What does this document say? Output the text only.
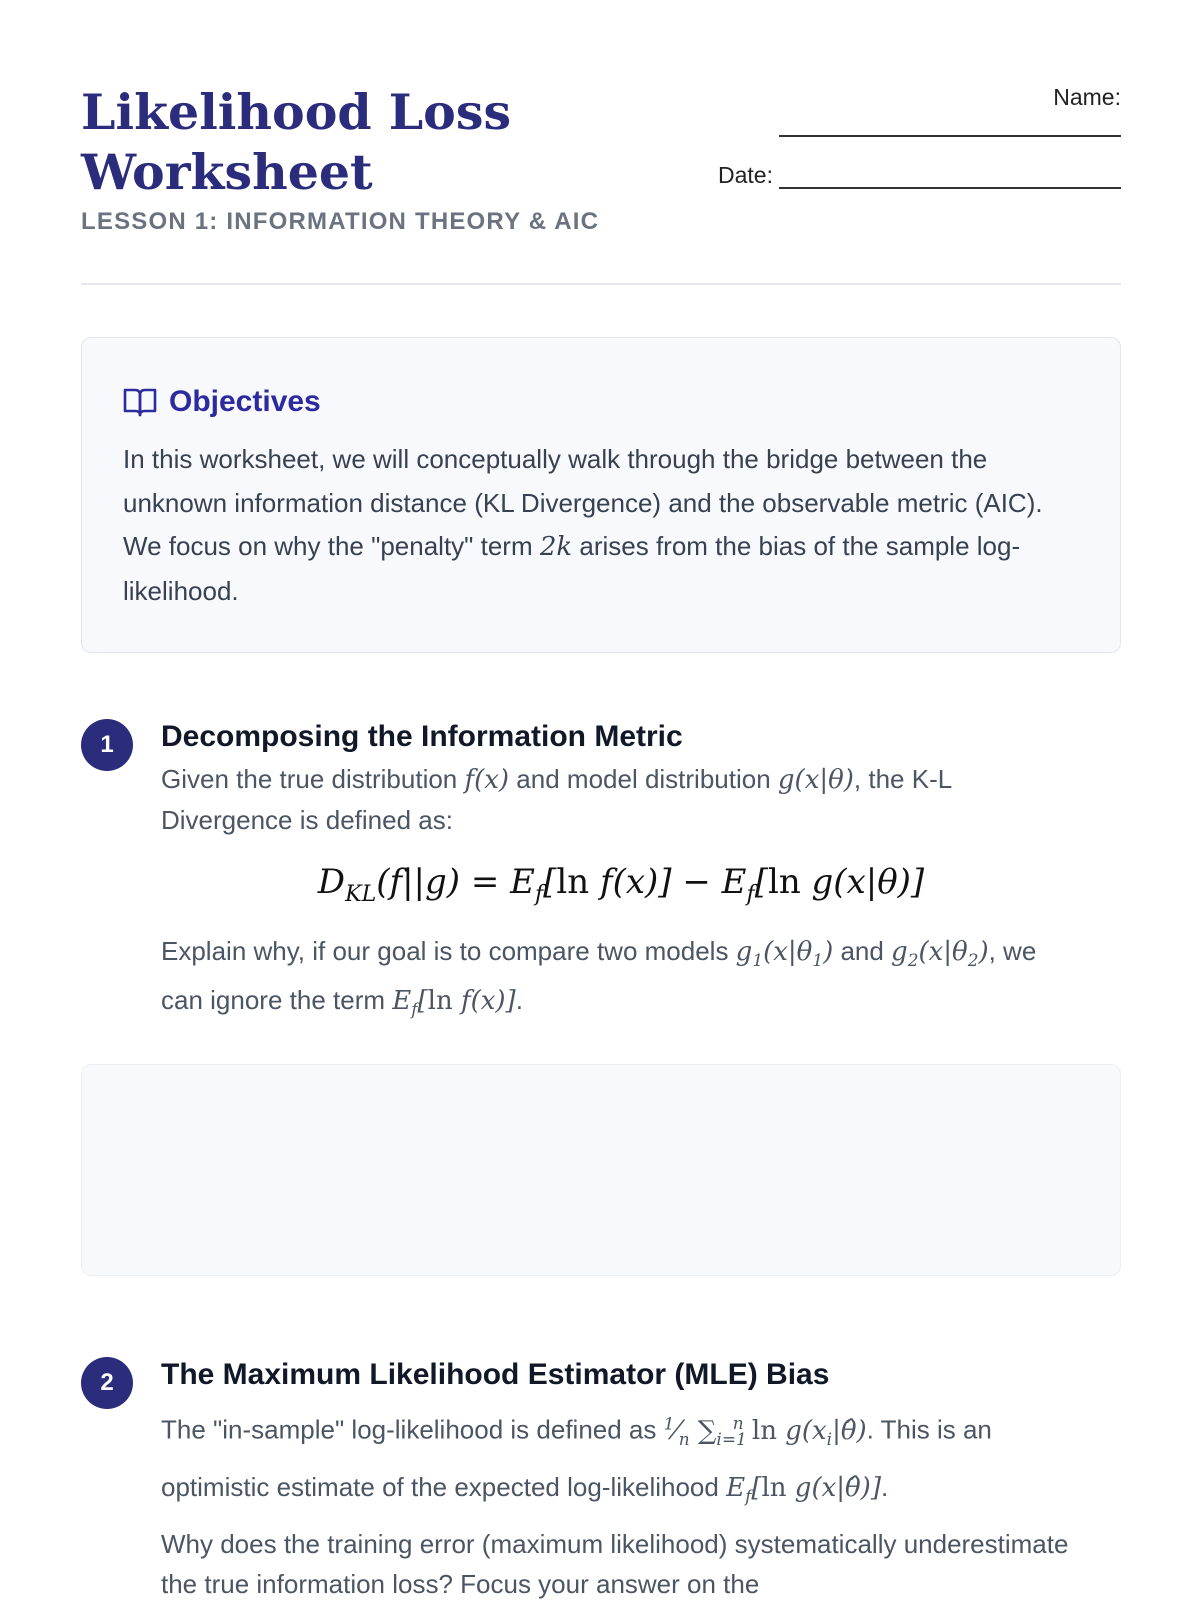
Likelihood Loss Worksheet
LESSON 1: INFORMATION THEORY & AIC
Name:
Date:
Objectives
In this worksheet, we will conceptually walk through the bridge between the unknown information distance (KL Divergence) and the observable metric (AIC). We focus on why the "penalty" term 2k arises from the bias of the sample log-likelihood.
1	Decomposing the Information Metric

Given the true distribution f(x) and model distribution g(x|θ), the K-L Divergence is defined as:

$D_{KL}(f||g) = E_f[\ln$ $f(x)] - E_f[\ln$ g(x|θ)]

Explain why, if our goal is to compare two models $g_1(x|\theta_1)$ and $g_2(x|\theta_2)$, we can ignore the term $E_f[\ln$ f(x)].

2	The Maximum Likelihood Estimator (MLE) Bias

The "in-sample" log-likelihood is defined as $^1⁄_n$ $\sum_{i=1}^n$ $\ln g(x_i|\thetâ)$. This is an optimistic estimate of the expected log-likelihood $E_f[\ln$ g(x|θ̂)].

Why does the training error (maximum likelihood) systematically underestimate the true information loss? Focus your answer on the
